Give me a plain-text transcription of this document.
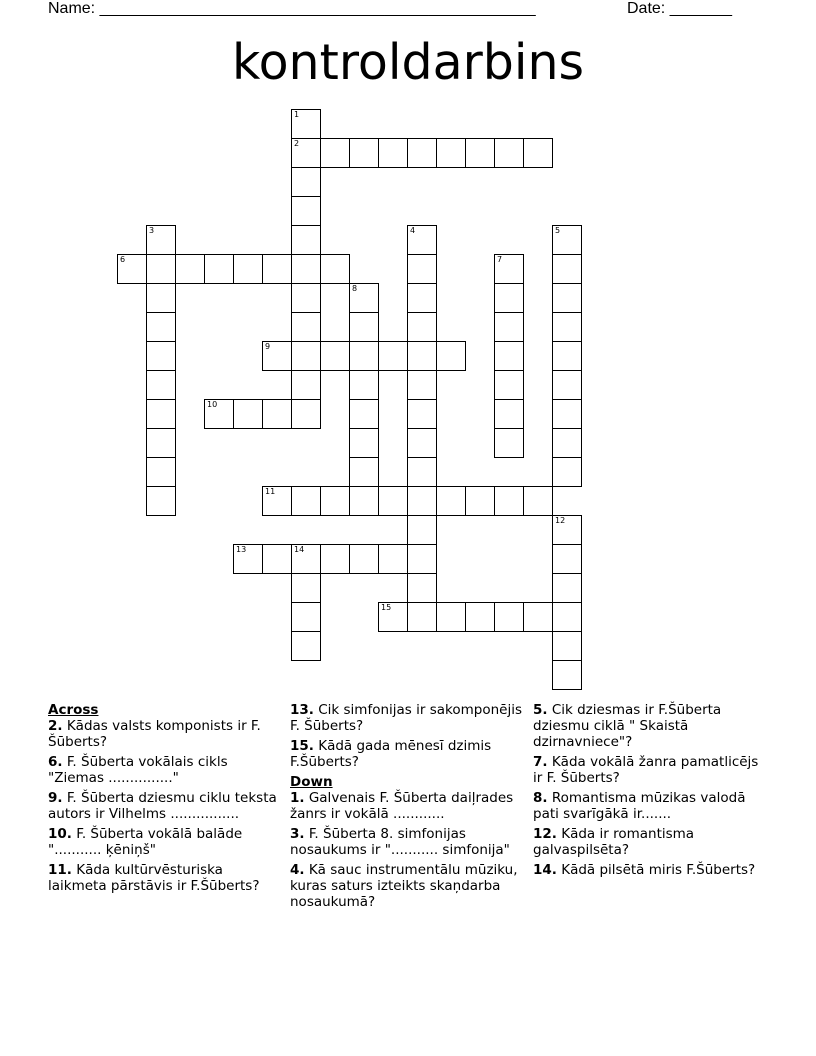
Name: _________________________________________________	Date: _______
kontroldarbins
1
2
3	4	5
6	7
8
9
10
11
12
13	14
15
Across
2. Kādas valsts komponists ir F. Šūberts?
6. F. Šūberta vokālais cikls "Ziemas ..............."
9. F. Šūberta dziesmu ciklu teksta autors ir Vilhelms ................
10. F. Šūberta vokālā balāde "........... ķēniņš"
11. Kāda kultūrvēsturiska laikmeta pārstāvis ir F.Šūberts?
13. Cik simfonijas ir sakomponējis F. Šūberts?
15. Kādā gada mēnesī dzimis F.Šūberts?
Down
1. Galvenais F. Šūberta daiļrades žanrs ir vokālā ............
3. F. Šūberta 8. simfonijas nosaukums ir "........... simfonija"
4. Kā sauc instrumentālu mūziku, kuras saturs izteikts skaņdarba nosaukumā?
5. Cik dziesmas ir F.Šūberta dziesmu ciklā " Skaistā dzirnavniece"?
7. Kāda vokālā žanra pamatlicējs ir F. Šūberts?
8. Romantisma mūzikas valodā pati svarīgākā ir.......
12. Kāda ir romantisma galvaspilsēta?
14. Kādā pilsētā miris F.Šūberts?
